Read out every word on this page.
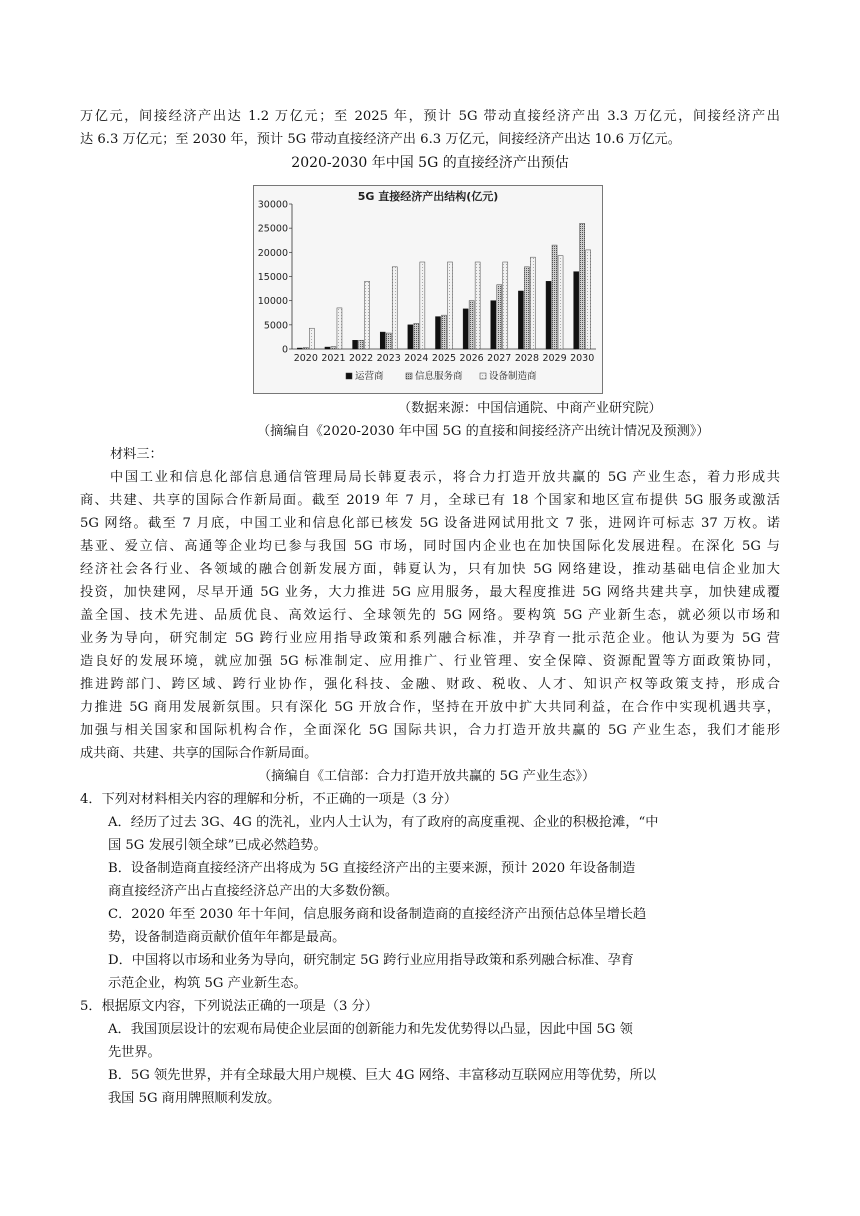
万亿元，间接经济产出达 1.2 万亿元；至 2025 年，预计 5G 带动直接经济产出 3.3 万亿元，间接经济产出
达 6.3 万亿元；至 2030 年，预计 5G 带动直接经济产出 6.3 万亿元，间接经济产出达 10.6 万亿元。
2020-2030 年中国 5G 的直接经济产出预估
5G 直接经济产出结构(亿元)
0
5000
10000
15000
20000
25000
30000
2020 2021 2022 2023 2024 2025 2026 2027 2028 2029 2030
运营商	信息服务商	设备制造商
（数据来源：中国信通院、中商产业研究院）
（摘编自《2020-2030 年中国 5G 的直接和间接经济产出统计情况及预测》）
材料三：
中国工业和信息化部信息通信管理局局长韩夏表示，将合力打造开放共赢的 5G 产业生态，着力形成共
商、共建、共享的国际合作新局面。截至 2019 年 7 月，全球已有 18 个国家和地区宣布提供 5G 服务或激活
5G 网络。截至 7 月底，中国工业和信息化部已核发 5G 设备进网试用批文 7 张，进网许可标志 37 万枚。诺
基亚、爱立信、高通等企业均已参与我国 5G 市场，同时国内企业也在加快国际化发展进程。在深化 5G 与
经济社会各行业、各领域的融合创新发展方面，韩夏认为，只有加快 5G 网络建设，推动基础电信企业加大
投资，加快建网，尽早开通 5G 业务，大力推进 5G 应用服务，最大程度推进 5G 网络共建共享，加快建成覆
盖全国、技术先进、品质优良、高效运行、全球领先的 5G 网络。要构筑 5G 产业新生态，就必须以市场和
业务为导向，研究制定 5G 跨行业应用指导政策和系列融合标准，并孕育一批示范企业。他认为要为 5G 营
造良好的发展环境，就应加强 5G 标准制定、应用推广、行业管理、安全保障、资源配置等方面政策协同，
推进跨部门、跨区域、跨行业协作，强化科技、金融、财政、税收、人才、知识产权等政策支持，形成合
力推进 5G 商用发展新氛围。只有深化 5G 开放合作，坚持在开放中扩大共同利益，在合作中实现机遇共享，
加强与相关国家和国际机构合作，全面深化 5G 国际共识，合力打造开放共赢的 5G 产业生态，我们才能形
成共商、共建、共享的国际合作新局面。
（摘编自《工信部：合力打造开放共赢的 5G 产业生态》）
4．下列对材料相关内容的理解和分析，不正确的一项是（3 分）
A．经历了过去 3G、4G 的洗礼，业内人士认为，有了政府的高度重视、企业的积极抢滩，“中
国 5G 发展引领全球”已成必然趋势。
B．设备制造商直接经济产出将成为 5G 直接经济产出的主要来源，预计 2020 年设备制造
商直接经济产出占直接经济总产出的大多数份额。
C．2020 年至 2030 年十年间，信息服务商和设备制造商的直接经济产出预估总体呈增长趋
势，设备制造商贡献价值年年都是最高。
D．中国将以市场和业务为导向，研究制定 5G 跨行业应用指导政策和系列融合标准、孕育
示范企业，构筑 5G 产业新生态。
5．根据原文内容，下列说法正确的一项是（3 分）
A．我国顶层设计的宏观布局使企业层面的创新能力和先发优势得以凸显，因此中国 5G 领
先世界。
B．5G 领先世界，并有全球最大用户规模、巨大 4G 网络、丰富移动互联网应用等优势，所以
我国 5G 商用牌照顺利发放。
